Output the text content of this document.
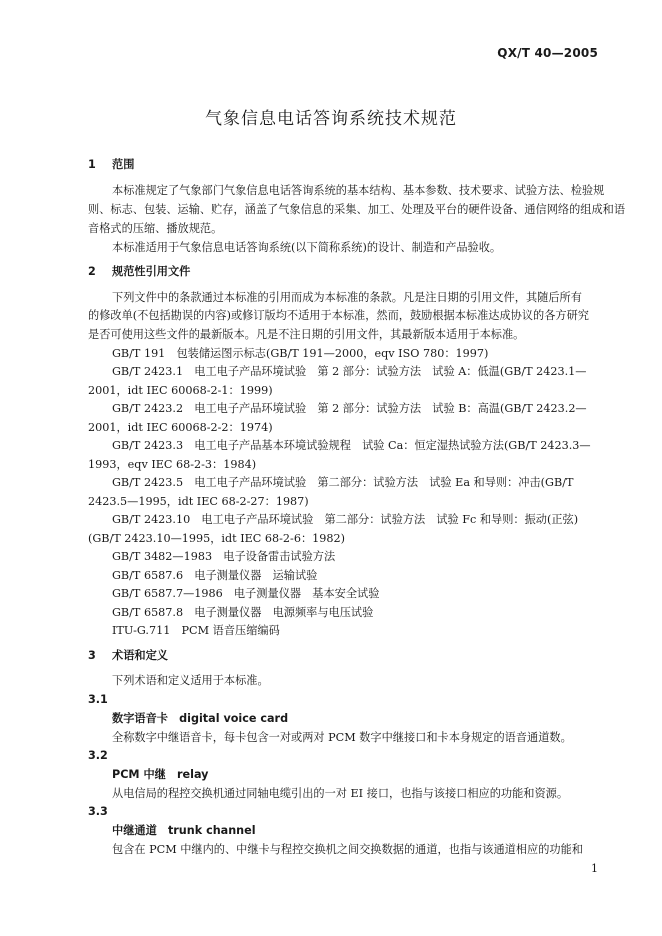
QX/T 40—2005
气象信息电话答询系统技术规范
1 范围
本标准规定了气象部门气象信息电话答询系统的基本结构、基本参数、技术要求、试验方法、检验规
则、标志、包装、运输、贮存，涵盖了气象信息的采集、加工、处理及平台的硬件设备、通信网络的组成和语
音格式的压缩、播放规范。
本标准适用于气象信息电话答询系统(以下简称系统)的设计、制造和产品验收。
2 规范性引用文件
下列文件中的条款通过本标准的引用而成为本标准的条款。凡是注日期的引用文件，其随后所有
的修改单(不包括勘误的内容)或修订版均不适用于本标准，然而，鼓励根据本标准达成协议的各方研究
是否可使用这些文件的最新版本。凡是不注日期的引用文件，其最新版本适用于本标准。
GB/T 191　包装储运图示标志(GB/T 191—2000，eqv ISO 780：1997)
GB/T 2423.1　电工电子产品环境试验　第 2 部分：试验方法　试验 A：低温(GB/T 2423.1—
2001，idt IEC 60068-2-1：1999)
GB/T 2423.2　电工电子产品环境试验　第 2 部分：试验方法　试验 B：高温(GB/T 2423.2—
2001，idt IEC 60068-2-2：1974)
GB/T 2423.3　电工电子产品基本环境试验规程　试验 Ca：恒定湿热试验方法(GB/T 2423.3—
1993，eqv IEC 68-2-3：1984)
GB/T 2423.5　电工电子产品环境试验　第二部分：试验方法　试验 Ea 和导则：冲击(GB/T
2423.5—1995，idt IEC 68-2-27：1987)
GB/T 2423.10　电工电子产品环境试验　第二部分：试验方法　试验 Fc 和导则：振动(正弦)
(GB/T 2423.10—1995，idt IEC 68-2-6：1982)
GB/T 3482—1983　电子设备雷击试验方法
GB/T 6587.6　电子测量仪器　运输试验
GB/T 6587.7—1986　电子测量仪器　基本安全试验
GB/T 6587.8　电子测量仪器　电源频率与电压试验
ITU-G.711　PCM 语音压缩编码
3 术语和定义
下列术语和定义适用于本标准。
3.1
数字语音卡　digital voice card
全称数字中继语音卡，每卡包含一对或两对 PCM 数字中继接口和卡本身规定的语音通道数。
3.2
PCM 中继　relay
从电信局的程控交换机通过同轴电缆引出的一对 EI 接口，也指与该接口相应的功能和资源。
3.3
中继通道　trunk channel
包含在 PCM 中继内的、中继卡与程控交换机之间交换数据的通道，也指与该通道相应的功能和
1
